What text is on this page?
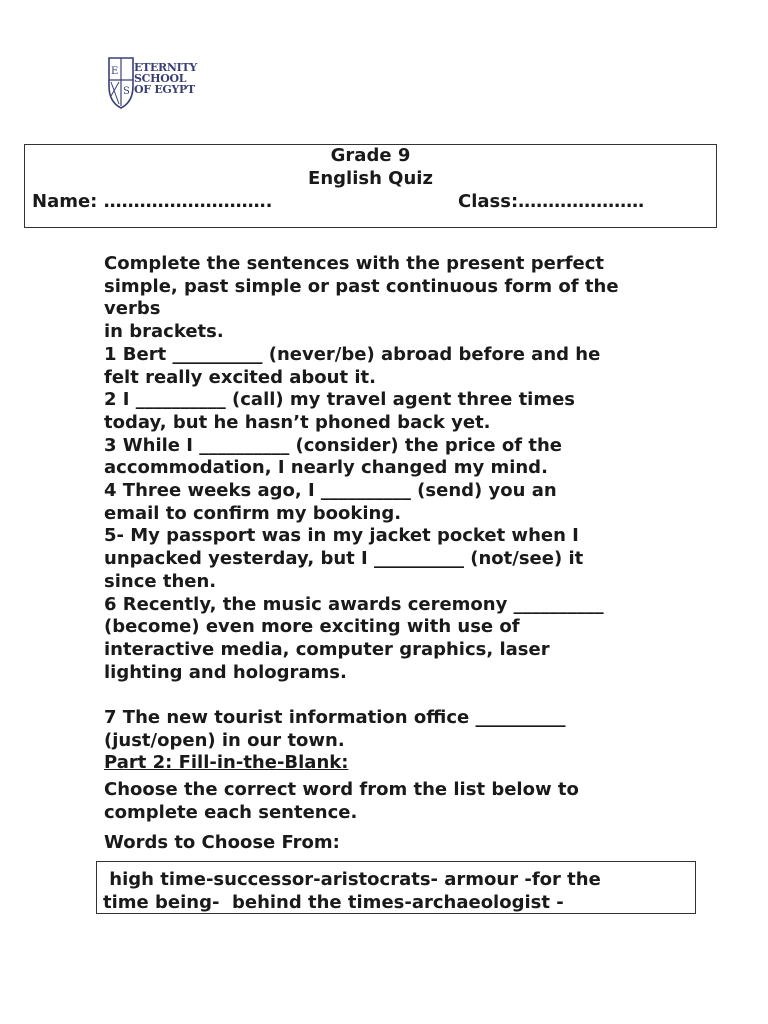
E
S
ETERNITY
SCHOOL
OF EGYPT
Grade 9
English Quiz
Name: ……………………….	Class:…………………

Complete the sentences with the present perfect

simple, past simple or past continuous form of the

verbs

in brackets.

1 Bert __________ (never/be) abroad before and he

felt really excited about it.

2 I __________ (call) my travel agent three times

today, but he hasn’t phoned back yet.

3 While I __________ (consider) the price of the

accommodation, I nearly changed my mind.

4 Three weeks ago, I __________ (send) you an

email to confirm my booking.

5- My passport was in my jacket pocket when I

unpacked yesterday, but I __________ (not/see) it

since then.

6 Recently, the music awards ceremony __________

(become) even more exciting with use of

interactive media, computer graphics, laser

lighting and holograms.

7 The new tourist information office __________

(just/open) in our town.

Part 2: Fill-in-the-Blank:

Choose the correct word from the list below to

complete each sentence.

Words to Choose From:

high time-successor-aristocrats- armour -for the
time being-  behind the times-archaeologist -
